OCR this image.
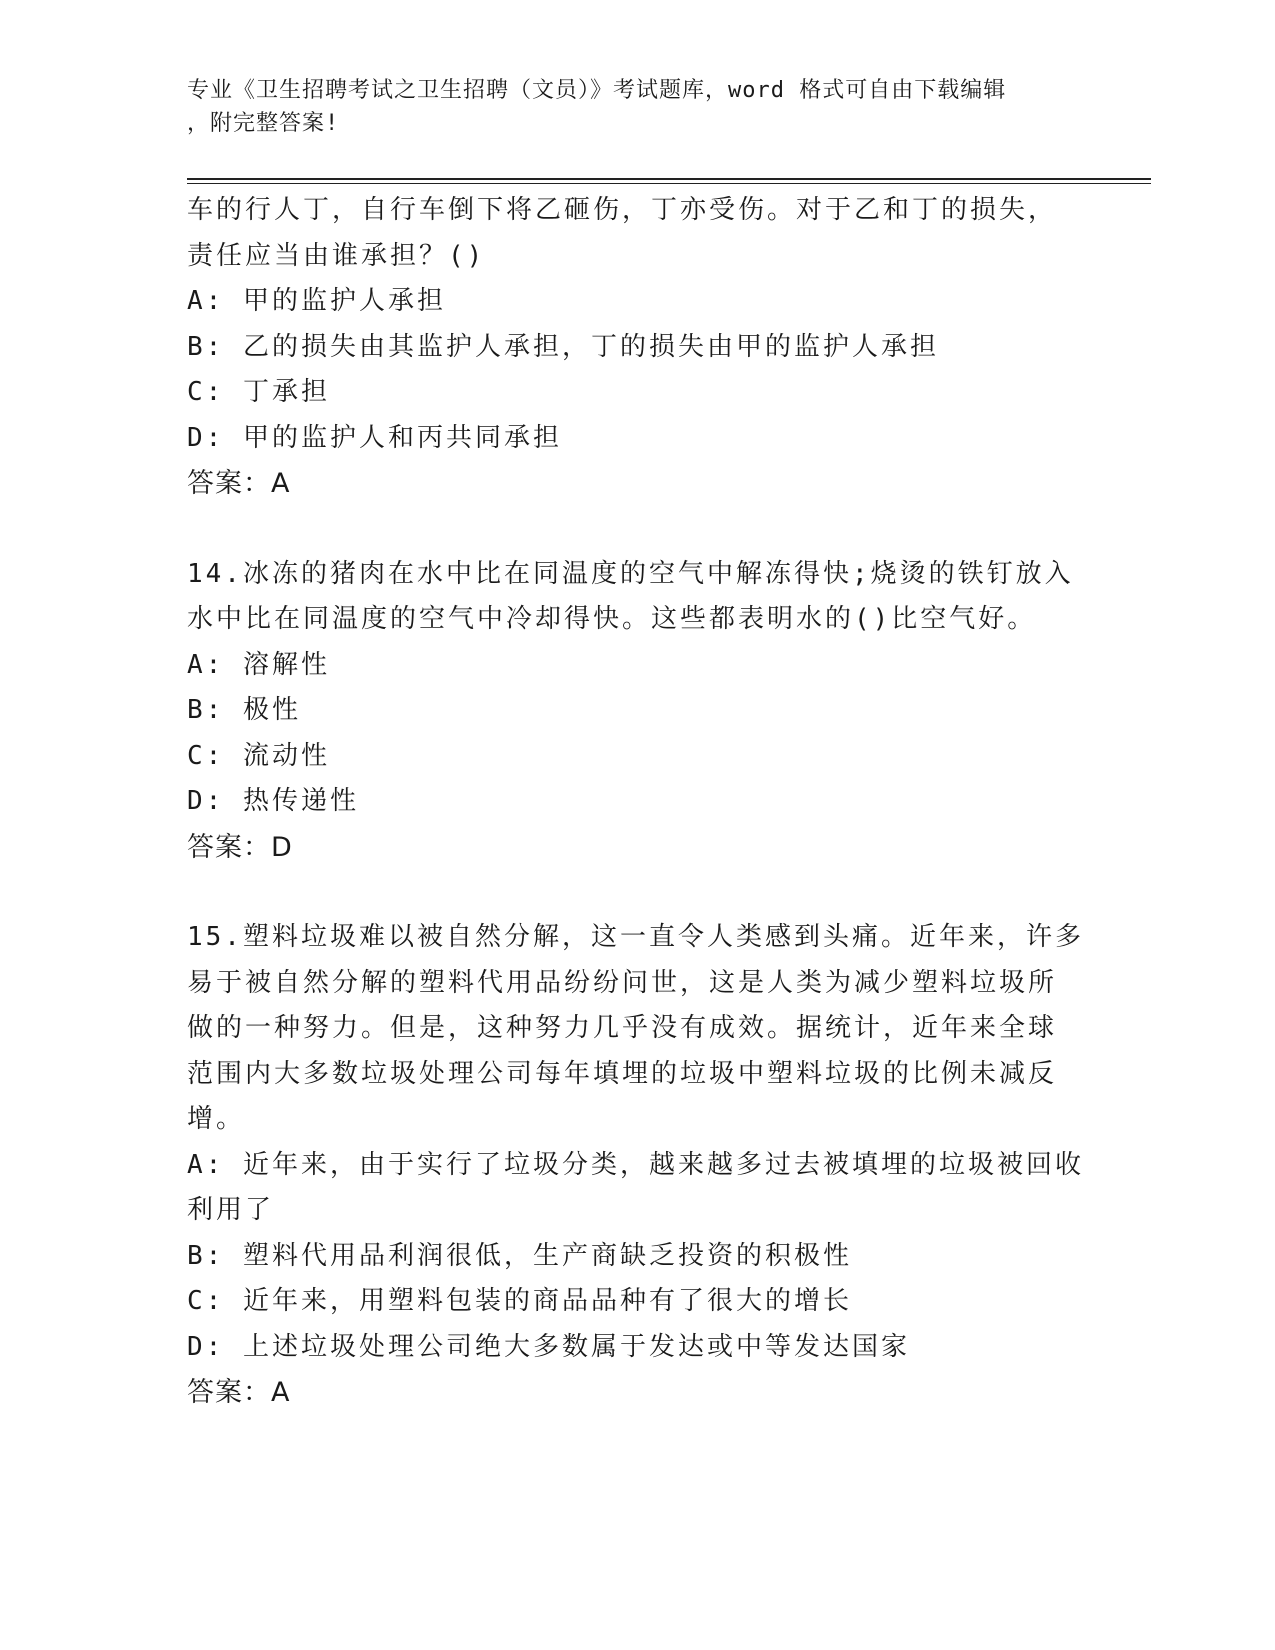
专业《卫生招聘考试之卫生招聘（文员）》考试题库，word 格式可自由下载编辑
，附完整答案!
车的行人丁，自行车倒下将乙砸伤，丁亦受伤。对于乙和丁的损失，
责任应当由谁承担？()
A: 甲的监护人承担
B: 乙的损失由其监护人承担，丁的损失由甲的监护人承担
C: 丁承担
D: 甲的监护人和丙共同承担
答案：A
14.冰冻的猪肉在水中比在同温度的空气中解冻得快;烧烫的铁钉放入
水中比在同温度的空气中冷却得快。这些都表明水的()比空气好。
A: 溶解性
B: 极性
C: 流动性
D: 热传递性
答案：D
15.塑料垃圾难以被自然分解，这一直令人类感到头痛。近年来，许多
易于被自然分解的塑料代用品纷纷问世，这是人类为减少塑料垃圾所
做的一种努力。但是，这种努力几乎没有成效。据统计，近年来全球
范围内大多数垃圾处理公司每年填埋的垃圾中塑料垃圾的比例未减反
增。
A: 近年来，由于实行了垃圾分类，越来越多过去被填埋的垃圾被回收
利用了
B: 塑料代用品利润很低，生产商缺乏投资的积极性
C: 近年来，用塑料包装的商品品种有了很大的增长
D: 上述垃圾处理公司绝大多数属于发达或中等发达国家
答案：A
